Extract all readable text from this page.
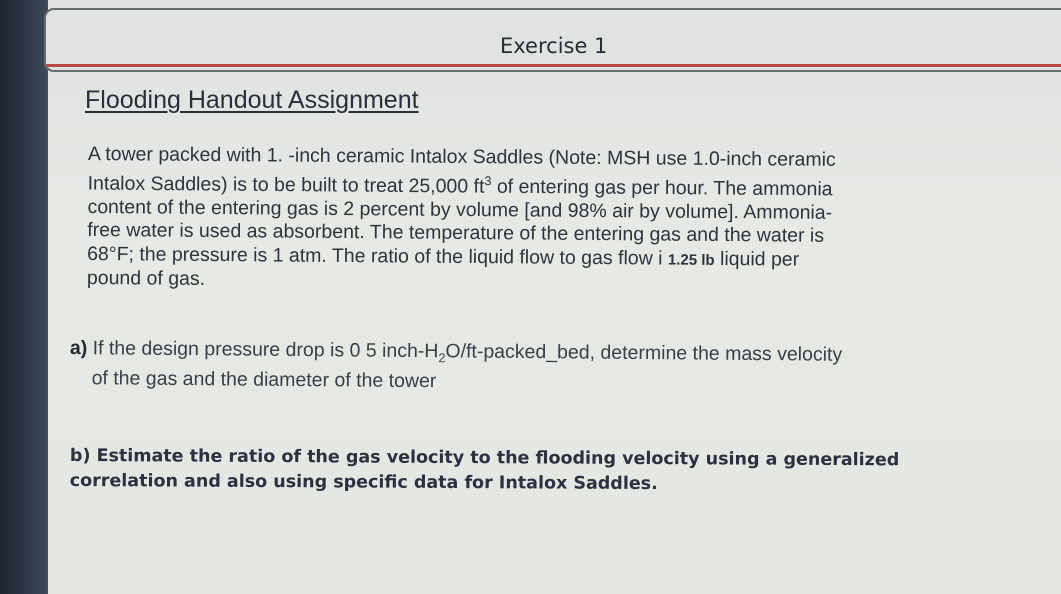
Exercise 1
Flooding Handout Assignment
A tower packed with 1. -inch ceramic Intalox Saddles (Note: MSH use 1.0-inch ceramic
Intalox Saddles) is to be built to treat 25,000 $ft^3$ of entering gas per hour. The ammonia
content of the entering gas is 2 percent by volume [and 98% air by volume]. Ammonia-
free water is used as absorbent. The temperature of the entering gas and the water is
68°F; the pressure is 1 atm. The ratio of the liquid flow to gas flow i 1.25 lb liquid per
pound of gas.
a) If the design pressure drop is 0 5 inch-$H_2O/ft-packed\_bed$, determine the mass velocity
of the gas and the diameter of the tower
b) Estimate the ratio of the gas velocity to the flooding velocity using a generalized
correlation and also using specific data for Intalox Saddles.
